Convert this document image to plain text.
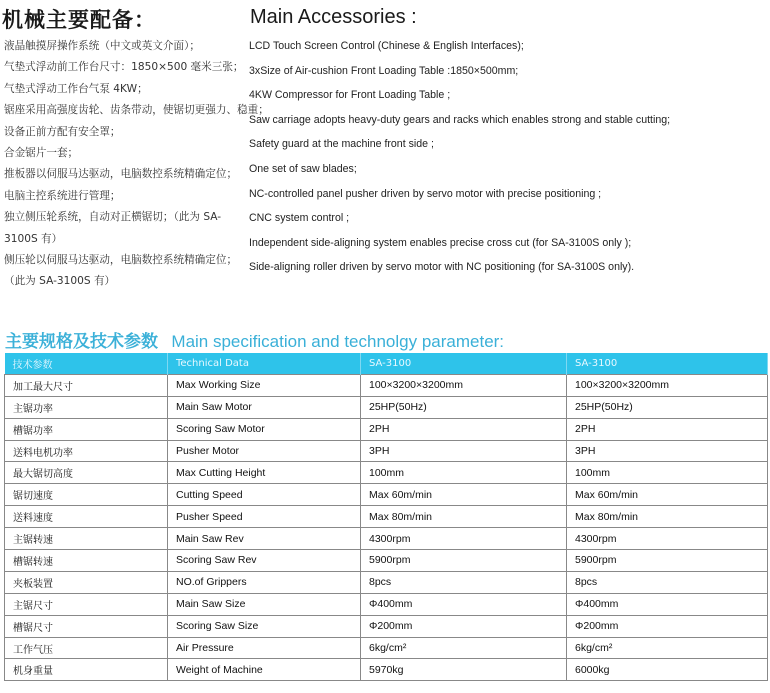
机械主要配备：	Main Accessories :
液晶触摸屏操作系统（中文或英文介面）；
气垫式浮动前工作台尺寸：1850×500 毫米三张；
气垫式浮动工作台气泵 4KW；
锯座采用高强度齿轮、齿条带动，使锯切更强力、稳重；
设备正前方配有安全罩；
合金锯片一套；
推板器以伺服马达驱动，电脑数控系统精确定位；
电脑主控系统进行管理；
独立侧压轮系统，自动对正横锯切；（此为 SA-
3100S 有）
侧压轮以伺服马达驱动，电脑数控系统精确定位；
（此为 SA-3100S 有）
LCD Touch Screen Control (Chinese & English Interfaces);
3xSize of Air-cushion Front Loading Table :1850×500mm;
4KW Compressor for Front Loading Table ;
Saw carriage adopts heavy-duty gears and racks which enables strong and stable cutting;
Safety guard at the machine front side ;
One set of saw blades;
NC-controlled panel pusher driven by servo motor with precise positioning ;
CNC system control ;
Independent side-aligning system enables precise cross cut (for SA-3100S only );
Side-aligning roller driven by servo motor with NC positioning (for SA-3100S only).
主要规格及技术参数 Main specification and technolgy parameter:
技术参数	Technical Data	SA-3100	SA-3100
加工最大尺寸	Max Working Size	100×3200×3200mm	100×3200×3200mm
主锯功率	Main Saw Motor	25HP(50Hz)	25HP(50Hz)
槽锯功率	Scoring Saw Motor	2PH	2PH
送料电机功率	Pusher Motor	3PH	3PH
最大锯切高度	Max Cutting Height	100mm	100mm
锯切速度	Cutting Speed	Max 60m/min	Max 60m/min
送料速度	Pusher Speed	Max 80m/min	Max 80m/min
主锯转速	Main Saw Rev	4300rpm	4300rpm
槽锯转速	Scoring Saw Rev	5900rpm	5900rpm
夹板装置	NO.of Grippers	8pcs	8pcs
主锯尺寸	Main Saw Size	Φ400mm	Φ400mm
槽锯尺寸	Scoring Saw Size	Φ200mm	Φ200mm
工作气压	Air Pressure	6kg/cm²	6kg/cm²
机身重量	Weight of Machine	5970kg	6000kg
